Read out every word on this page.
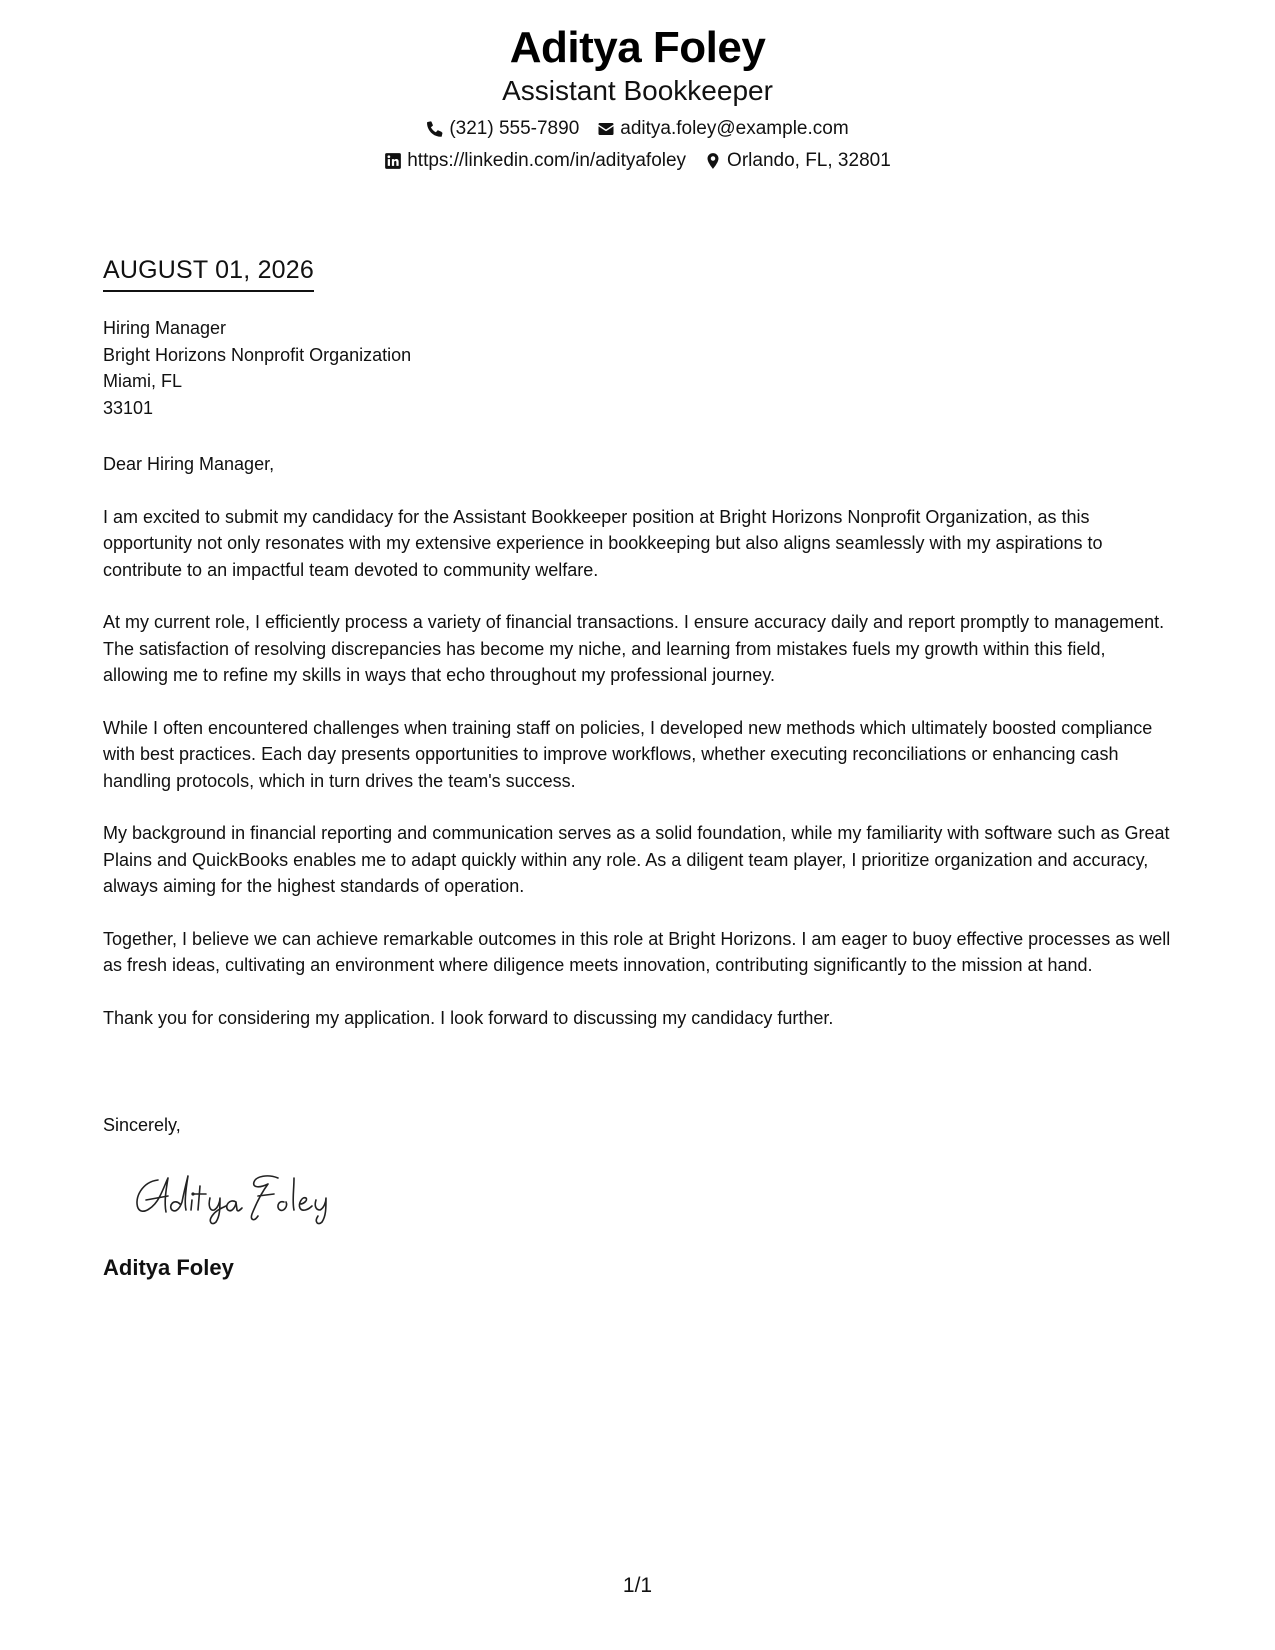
Aditya Foley
Assistant Bookkeeper
(321) 555-7890 aditya.foley@example.com
https://linkedin.com/in/adityafoley Orlando, FL, 32801
AUGUST 01, 2026
Hiring Manager
Bright Horizons Nonprofit Organization
Miami, FL
33101

Dear Hiring Manager,

I am excited to submit my candidacy for the Assistant Bookkeeper position at Bright Horizons Nonprofit Organization, as this opportunity not only resonates with my extensive experience in bookkeeping but also aligns seamlessly with my aspirations to contribute to an impactful team devoted to community welfare.

At my current role, I efficiently process a variety of financial transactions. I ensure accuracy daily and report promptly to management. The satisfaction of resolving discrepancies has become my niche, and learning from mistakes fuels my growth within this field, allowing me to refine my skills in ways that echo throughout my professional journey.

While I often encountered challenges when training staff on policies, I developed new methods which ultimately boosted compliance with best practices. Each day presents opportunities to improve workflows, whether executing reconciliations or enhancing cash handling protocols, which in turn drives the team's success.

My background in financial reporting and communication serves as a solid foundation, while my familiarity with software such as Great Plains and QuickBooks enables me to adapt quickly within any role. As a diligent team player, I prioritize organization and accuracy, always aiming for the highest standards of operation.

Together, I believe we can achieve remarkable outcomes in this role at Bright Horizons. I am eager to buoy effective processes as well as fresh ideas, cultivating an environment where diligence meets innovation, contributing significantly to the mission at hand.

Thank you for considering my application. I look forward to discussing my candidacy further.

Sincerely,
Aditya Foley
1/1
